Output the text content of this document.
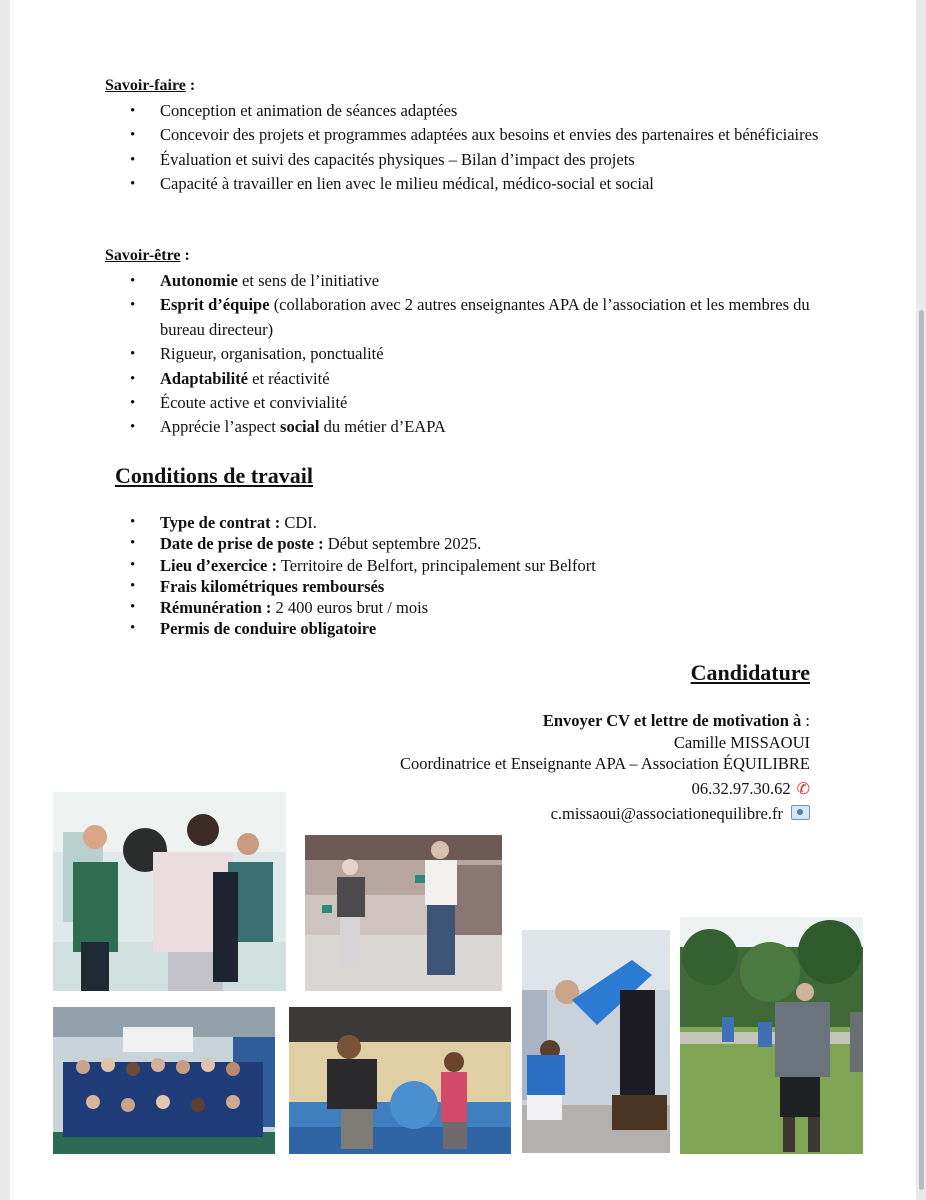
Savoir-faire :
• Conception et animation de séances adaptées
• Concevoir des projets et programmes adaptées aux besoins et envies des partenaires et bénéficiaires
• Évaluation et suivi des capacités physiques – Bilan d’impact des projets
• Capacité à travailler en lien avec le milieu médical, médico-social et social
Savoir-être :
• Autonomie et sens de l’initiative
• Esprit d’équipe (collaboration avec 2 autres enseignantes APA de l’association et les membres du bureau directeur)
• Rigueur, organisation, ponctualité
• Adaptabilité et réactivité
• Écoute active et convivialité
• Apprécie l’aspect social du métier d’EAPA
Conditions de travail
• Type de contrat : CDI.
• Date de prise de poste : Début septembre 2025.
• Lieu d’exercice : Territoire de Belfort, principalement sur Belfort
• Frais kilométriques remboursés
• Rémunération : 2 400 euros brut / mois
• Permis de conduire obligatoire
Candidature
Envoyer CV et lettre de motivation à :
Camille MISSAOUI
Coordinatrice et Enseignante APA – Association ÉQUILIBRE
06.32.97.30.62 ✆
c.missaoui@associationequilibre.fr
